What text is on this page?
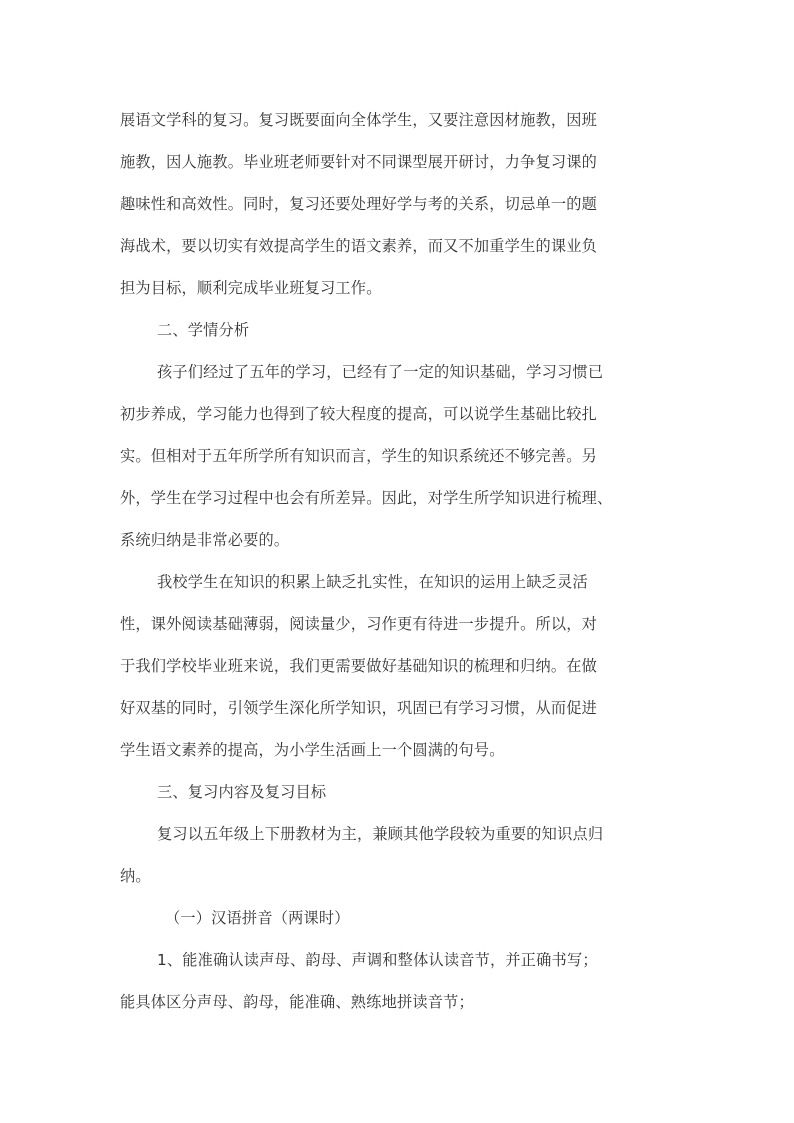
展语文学科的复习。复习既要面向全体学生，又要注意因材施教，因班
施教，因人施教。毕业班老师要针对不同课型展开研讨，力争复习课的
趣味性和高效性。同时，复习还要处理好学与考的关系，切忌单一的题
海战术，要以切实有效提高学生的语文素养，而又不加重学生的课业负
担为目标，顺利完成毕业班复习工作。
二、学情分析
孩子们经过了五年的学习，已经有了一定的知识基础，学习习惯已
初步养成，学习能力也得到了较大程度的提高，可以说学生基础比较扎
实。但相对于五年所学所有知识而言，学生的知识系统还不够完善。另
外，学生在学习过程中也会有所差异。因此，对学生所学知识进行梳理、
系统归纳是非常必要的。
我校学生在知识的积累上缺乏扎实性，在知识的运用上缺乏灵活
性，课外阅读基础薄弱，阅读量少，习作更有待进一步提升。所以，对
于我们学校毕业班来说，我们更需要做好基础知识的梳理和归纳。在做
好双基的同时，引领学生深化所学知识，巩固已有学习习惯，从而促进
学生语文素养的提高，为小学生活画上一个圆满的句号。
三、复习内容及复习目标
复习以五年级上下册教材为主，兼顾其他学段较为重要的知识点归
纳。
（一）汉语拼音（两课时）
1、能准确认读声母、韵母、声调和整体认读音节，并正确书写；
能具体区分声母、韵母，能准确、熟练地拼读音节；
